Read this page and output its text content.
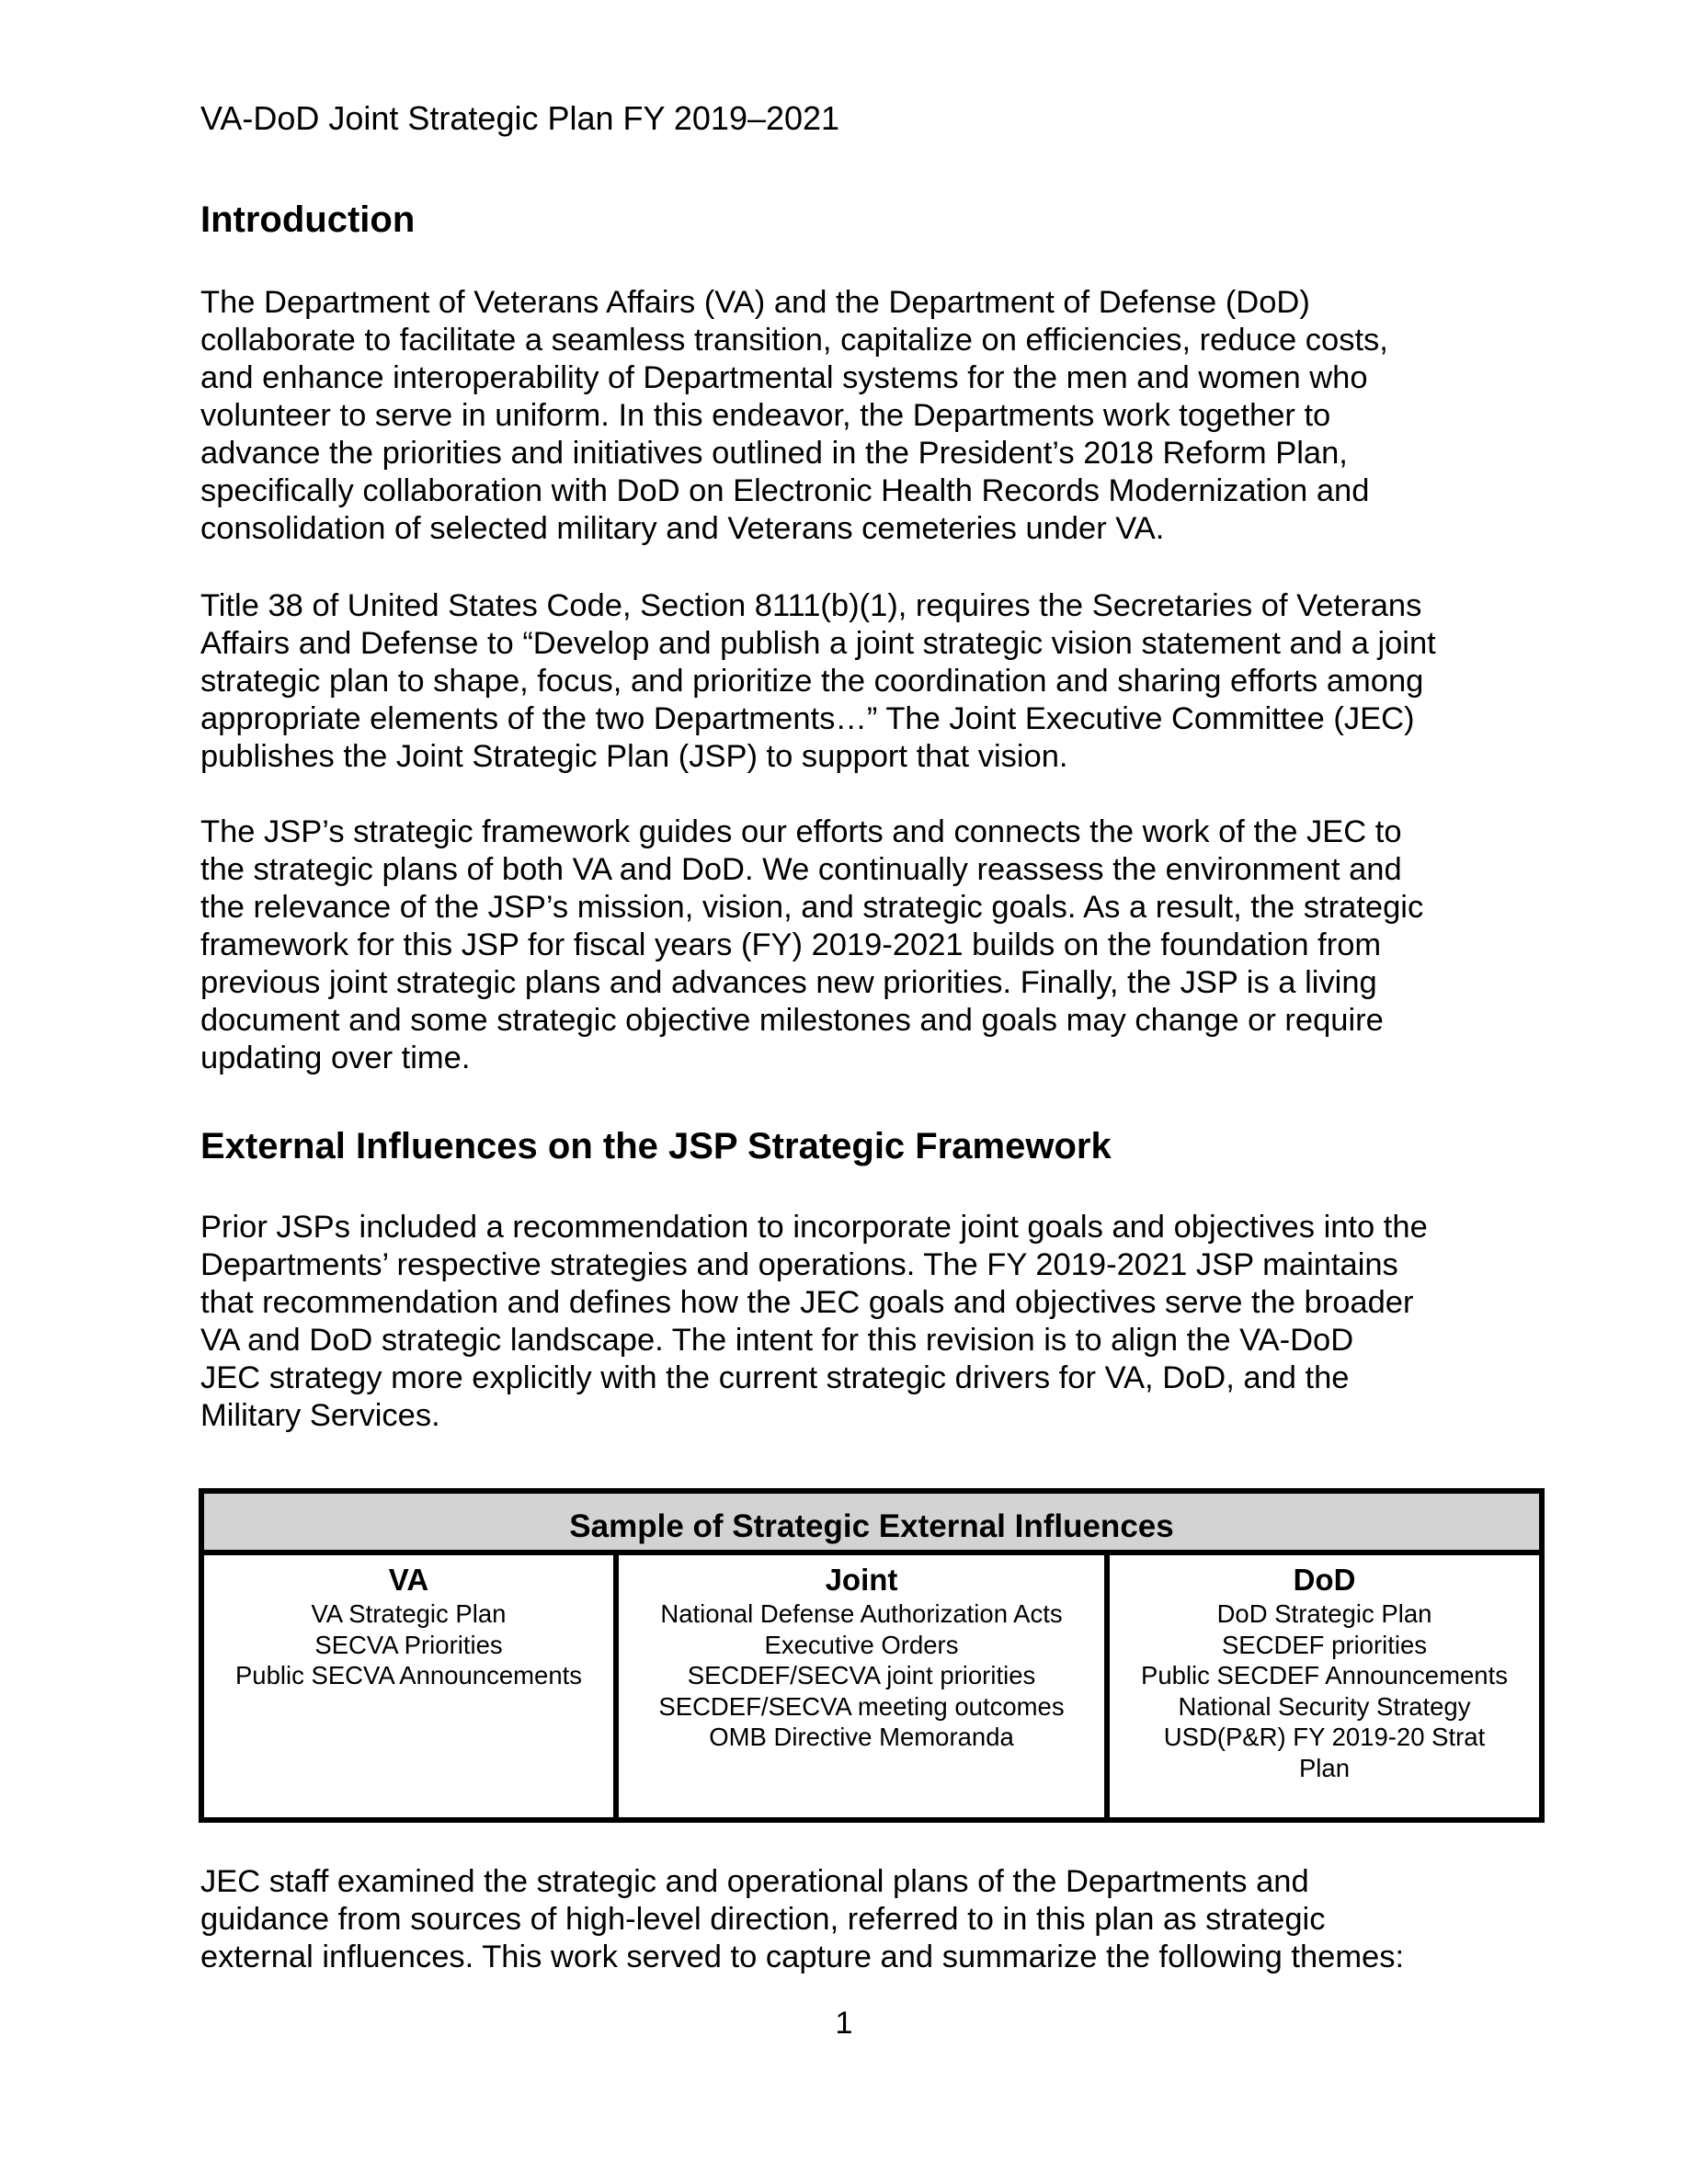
VA-DoD Joint Strategic Plan FY 2019–2021
Introduction
The Department of Veterans Affairs (VA) and the Department of Defense (DoD)
collaborate to facilitate a seamless transition, capitalize on efficiencies, reduce costs,
and enhance interoperability of Departmental systems for the men and women who
volunteer to serve in uniform. In this endeavor, the Departments work together to
advance the priorities and initiatives outlined in the President’s 2018 Reform Plan,
specifically collaboration with DoD on Electronic Health Records Modernization and
consolidation of selected military and Veterans cemeteries under VA.
Title 38 of United States Code, Section 8111(b)(1), requires the Secretaries of Veterans
Affairs and Defense to “Develop and publish a joint strategic vision statement and a joint
strategic plan to shape, focus, and prioritize the coordination and sharing efforts among
appropriate elements of the two Departments…” The Joint Executive Committee (JEC)
publishes the Joint Strategic Plan (JSP) to support that vision.
The JSP’s strategic framework guides our efforts and connects the work of the JEC to
the strategic plans of both VA and DoD. We continually reassess the environment and
the relevance of the JSP’s mission, vision, and strategic goals. As a result, the strategic
framework for this JSP for fiscal years (FY) 2019-2021 builds on the foundation from
previous joint strategic plans and advances new priorities. Finally, the JSP is a living
document and some strategic objective milestones and goals may change or require
updating over time.
External Influences on the JSP Strategic Framework
Prior JSPs included a recommendation to incorporate joint goals and objectives into the
Departments’ respective strategies and operations. The FY 2019-2021 JSP maintains
that recommendation and defines how the JEC goals and objectives serve the broader
VA and DoD strategic landscape. The intent for this revision is to align the VA-DoD
JEC strategy more explicitly with the current strategic drivers for VA, DoD, and the
Military Services.
Sample of Strategic External Influences
VA
VA Strategic Plan
SECVA Priorities
Public SECVA Announcements
Joint
National Defense Authorization Acts
Executive Orders
SECDEF/SECVA joint priorities
SECDEF/SECVA meeting outcomes
OMB Directive Memoranda
DoD
DoD Strategic Plan
SECDEF priorities
Public SECDEF Announcements
National Security Strategy
USD(P&R) FY 2019-20 Strat Plan
JEC staff examined the strategic and operational plans of the Departments and
guidance from sources of high-level direction, referred to in this plan as strategic
external influences. This work served to capture and summarize the following themes:
1
